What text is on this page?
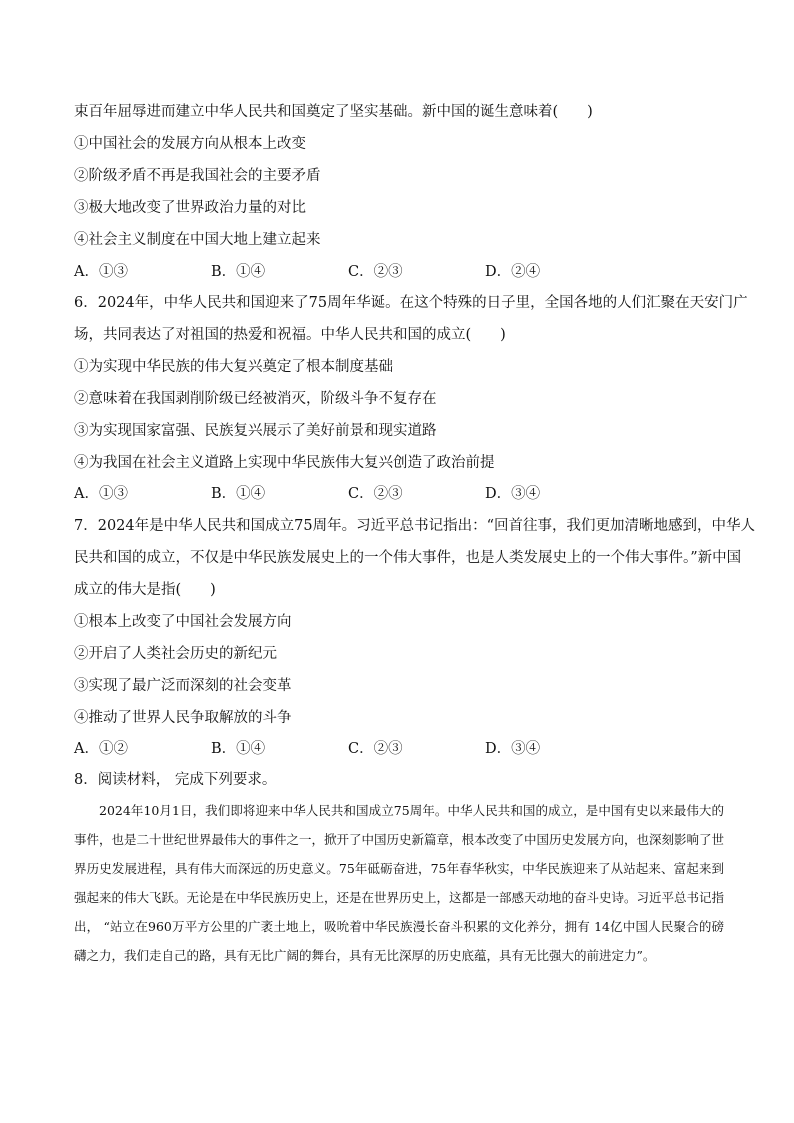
束百年屈辱进而建立中华人民共和国奠定了坚实基础。新中国的诞生意味着(　　)
①中国社会的发展方向从根本上改变
②阶级矛盾不再是我国社会的主要矛盾
③极大地改变了世界政治力量的对比
④社会主义制度在中国大地上建立起来
A．①③	B．①④	C．②③	D．②④
6．2024年，中华人民共和国迎来了75周年华诞。在这个特殊的日子里，全国各地的人们汇聚在天安门广
场，共同表达了对祖国的热爱和祝福。中华人民共和国的成立(　　)
①为实现中华民族的伟大复兴奠定了根本制度基础
②意味着在我国剥削阶级已经被消灭，阶级斗争不复存在
③为实现国家富强、民族复兴展示了美好前景和现实道路
④为我国在社会主义道路上实现中华民族伟大复兴创造了政治前提
A．①③	B．①④	C．②③	D．③④
7．2024年是中华人民共和国成立75周年。习近平总书记指出：“回首往事，我们更加清晰地感到，中华人
民共和国的成立，不仅是中华民族发展史上的一个伟大事件，也是人类发展史上的一个伟大事件。”新中国
成立的伟大是指(　　)
①根本上改变了中国社会发展方向
②开启了人类社会历史的新纪元
③实现了最广泛而深刻的社会变革
④推动了世界人民争取解放的斗争
A．①②	B．①④	C．②③	D．③④
8．阅读材料， 完成下列要求。
2024年10月1日，我们即将迎来中华人民共和国成立75周年。中华人民共和国的成立，是中国有史以来最伟大的事件，也是二十世纪世界最伟大的事件之一，掀开了中国历史新篇章，根本改变了中国历史发展方向，也深刻影响了世界历史发展进程，具有伟大而深远的历史意义。75年砥砺奋进，75年春华秋实，中华民族迎来了从站起来、富起来到强起来的伟大飞跃。无论是在中华民族历史上，还是在世界历史上，这都是一部感天动地的奋斗史诗。习近平总书记指出， “站立在960万平方公里的广袤土地上，吸吮着中华民族漫长奋斗积累的文化养分，拥有 14亿中国人民聚合的磅礴之力，我们走自己的路，具有无比广阔的舞台，具有无比深厚的历史底蕴，具有无比强大的前进定力”。
